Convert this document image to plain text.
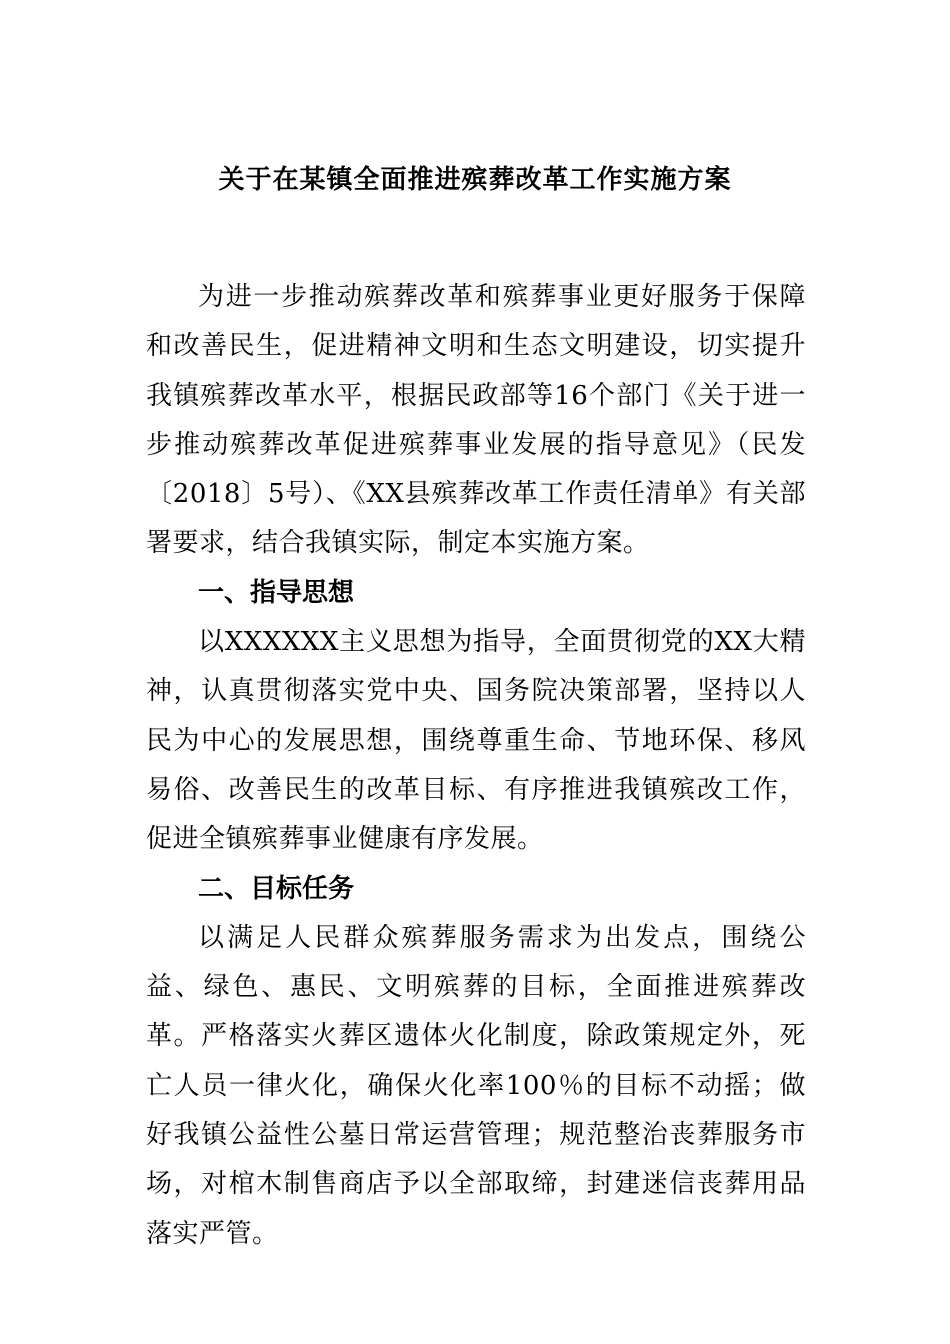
关于在某镇全面推进殡葬改革工作实施方案

为进一步推动殡葬改革和殡葬事业更好服务于保障和改善民生，促进精神文明和生态文明建设，切实提升我镇殡葬改革水平，根据民政部等16个部门《关于进一步推动殡葬改革促进殡葬事业发展的指导意见》（民发〔2018〕5号）、《XX县殡葬改革工作责任清单》有关部署要求，结合我镇实际，制定本实施方案。

一、指导思想

以XXXXXX主义思想为指导，全面贯彻党的XX大精神，认真贯彻落实党中央、国务院决策部署，坚持以人民为中心的发展思想，围绕尊重生命、节地环保、移风易俗、改善民生的改革目标、有序推进我镇殡改工作，促进全镇殡葬事业健康有序发展。

二、目标任务

以满足人民群众殡葬服务需求为出发点，围绕公益、绿色、惠民、文明殡葬的目标，全面推进殡葬改革。严格落实火葬区遗体火化制度，除政策规定外，死亡人员一律火化，确保火化率100％的目标不动摇；做好我镇公益性公墓日常运营管理；规范整治丧葬服务市场，对棺木制售商店予以全部取缔，封建迷信丧葬用品落实严管。
